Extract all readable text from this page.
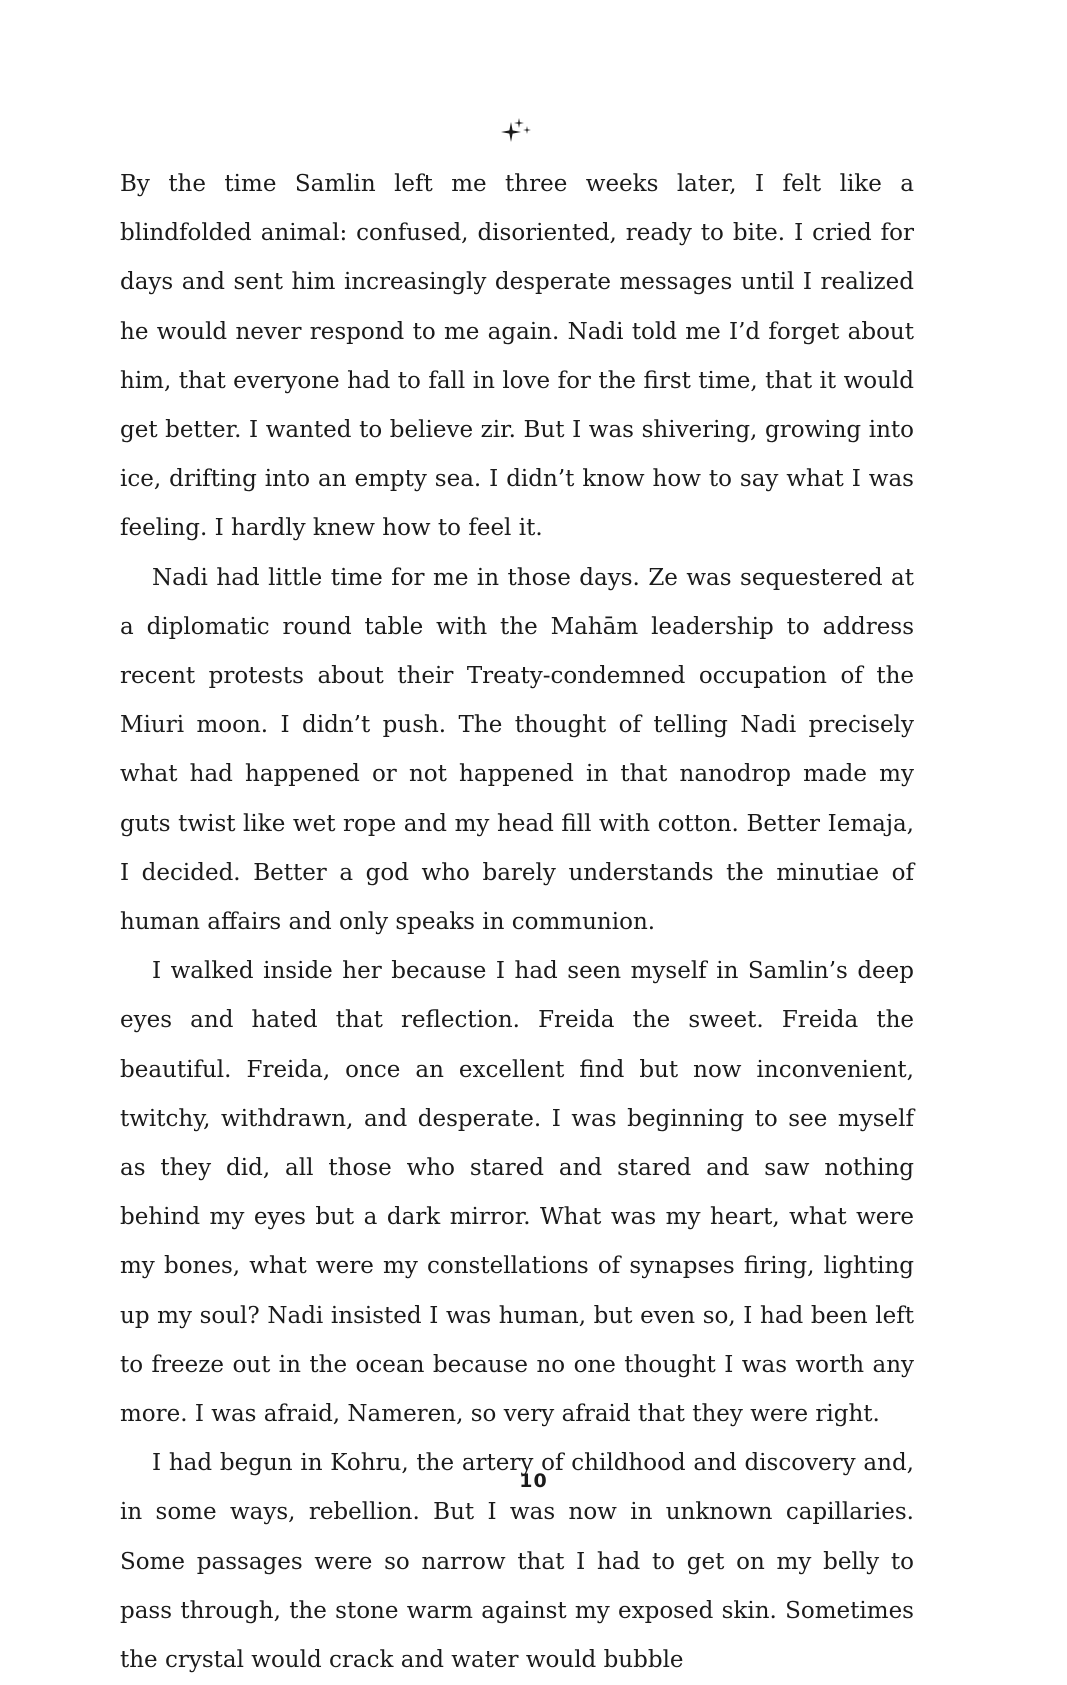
By the time Samlin left me three weeks later, I felt like a blindfolded animal: confused, disoriented, ready to bite. I cried for days and sent him increasingly desperate messages until I realized he would never respond to me again. Nadi told me I’d forget about him, that everyone had to fall in love for the first time, that it would get better. I wanted to believe zir. But I was shivering, growing into ice, drifting into an empty sea. I didn’t know how to say what I was feeling. I hardly knew how to feel it.

Nadi had little time for me in those days. Ze was sequestered at a diplomatic round table with the Mahām leadership to address recent protests about their Treaty-condemned occupation of the Miuri moon. I didn’t push. The thought of telling Nadi precisely what had happened or not happened in that nanodrop made my guts twist like wet rope and my head fill with cotton. Better Iemaja, I decided. Better a god who barely understands the minutiae of human affairs and only speaks in communion.

I walked inside her because I had seen myself in Samlin’s deep eyes and hated that reflection. Freida the sweet. Freida the beautiful. Freida, once an excellent find but now inconvenient, twitchy, withdrawn, and desperate. I was beginning to see myself as they did, all those who stared and stared and saw nothing behind my eyes but a dark mirror. What was my heart, what were my bones, what were my constellations of synapses firing, lighting up my soul? Nadi insisted I was human, but even so, I had been left to freeze out in the ocean because no one thought I was worth any more. I was afraid, Nameren, so very afraid that they were right.

I had begun in Kohru, the artery of childhood and discovery and, in some ways, rebellion. But I was now in unknown capillaries. Some passages were so narrow that I had to get on my belly to pass through, the stone warm against my exposed skin. Sometimes the crystal would crack and water would bubble

10
